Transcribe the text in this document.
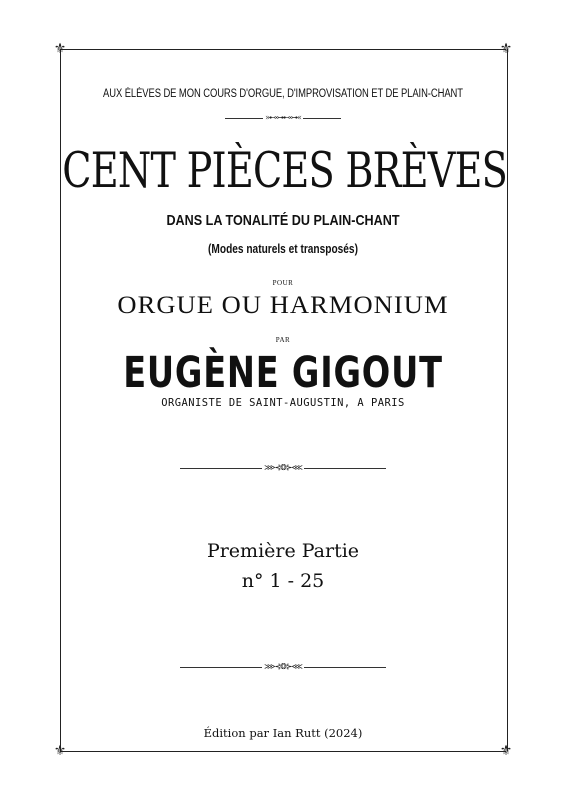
⚜	⚜
⚜	⚜
AUX ÉLÈVES DE MON COURS D'ORGUE, D'IMPROVISATION ET DE PLAIN-CHANT
»⊷⊶⊷⊶«
CENT PIÈCES BRÈVES
DANS LA TONALITÉ DU PLAIN-CHANT
(Modes naturels et transposés)
POUR
ORGUE OU HARMONIUM
PAR
EUGÈNE GIGOUT
ORGANISTE DE SAINT-AUGUSTIN, A PARIS
⋙⊰❂⊱⋘
Première Partie
n° 1 - 25
⋙⊰❂⊱⋘
Édition par Ian Rutt (2024)
